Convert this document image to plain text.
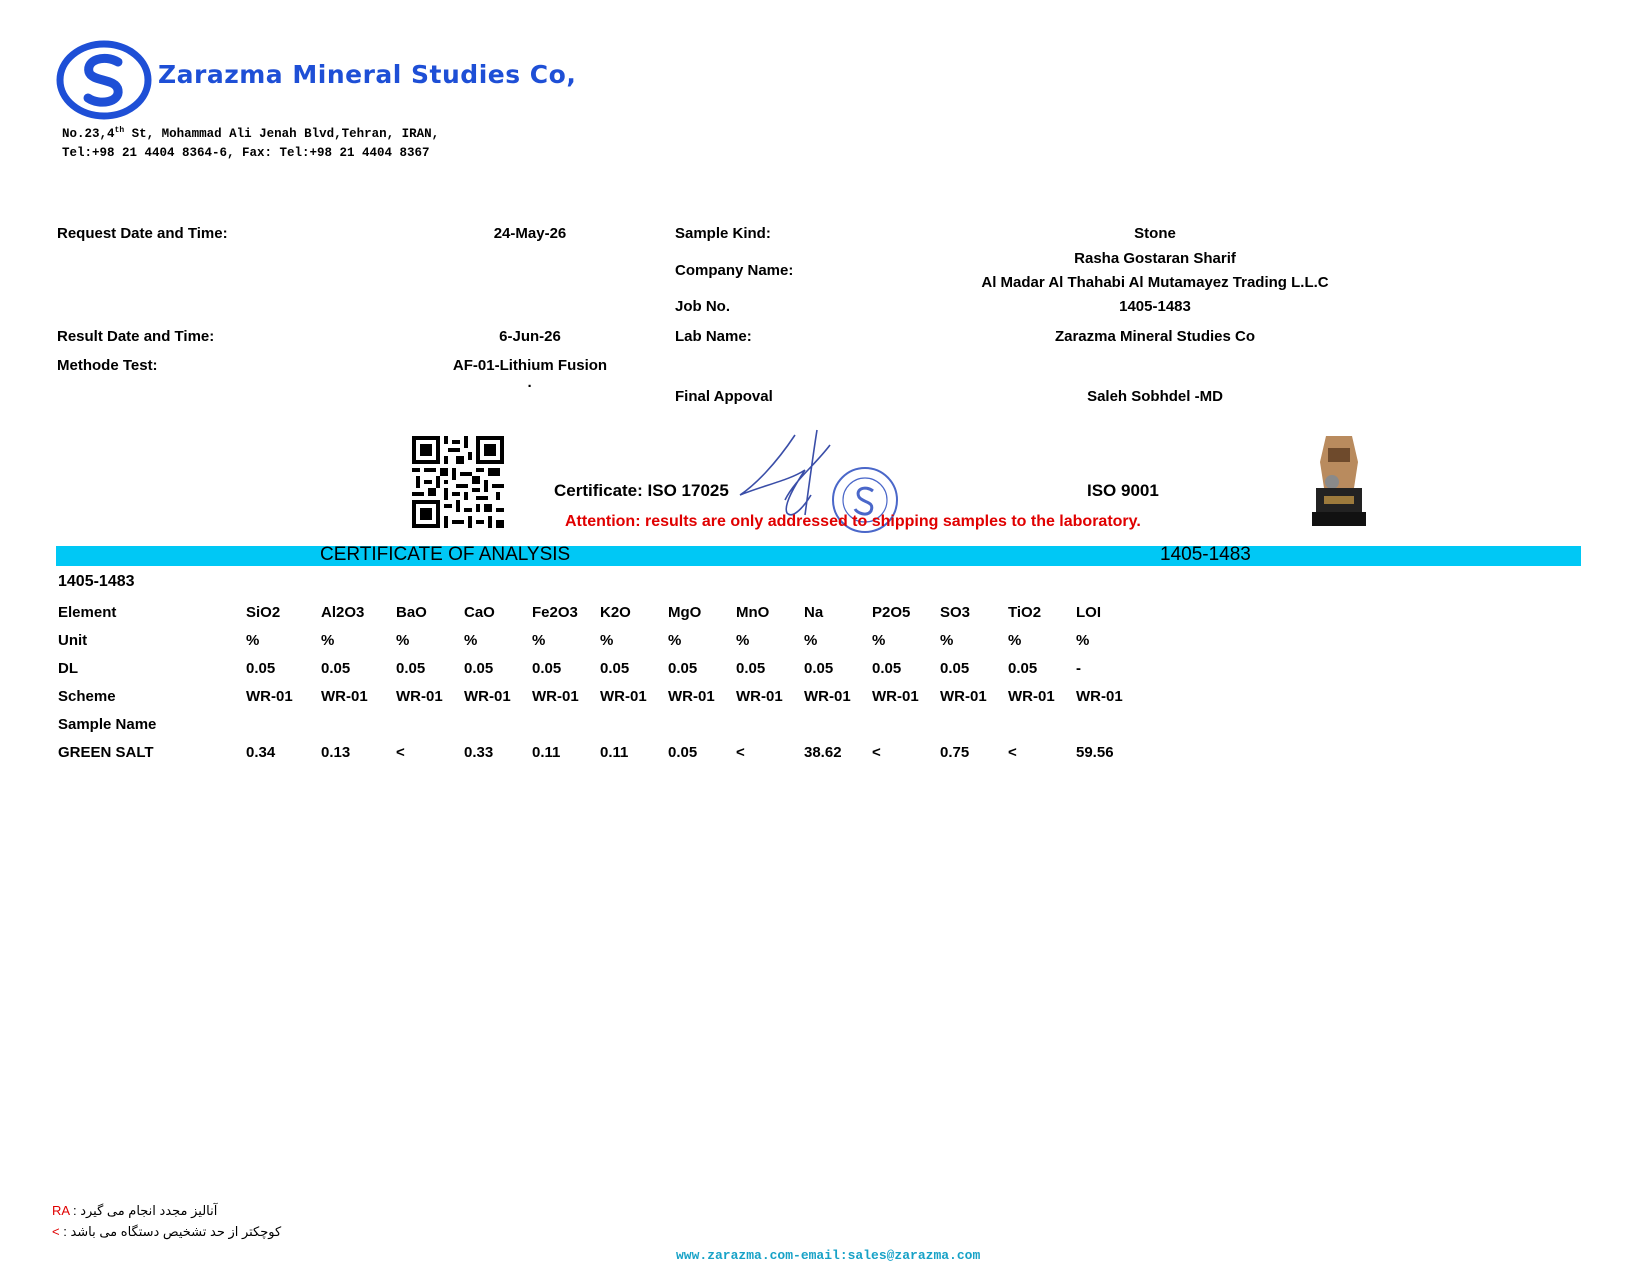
Zarazma Mineral Studies Co,
No.23,4th St, Mohammad Ali Jenah Blvd,Tehran, IRAN,
Tel:+98 21 4404 8364-6, Fax: Tel:+98 21 4404 8367
Request Date and Time:	24-May-26
Result Date and Time:	6-Jun-26
Methode Test:	AF-01-Lithium Fusion
·
Sample Kind:	Stone
Company Name:
Rasha Gostaran Sharif
Al Madar Al Thahabi Al Mutamayez Trading L.L.C
Job No.	1405-1483
Lab Name:	Zarazma Mineral Studies Co
Final Appoval	Saleh Sobhdel -MD
Certificate: ISO 17025	ISO 9001
Attention: results are only addressed to shipping samples to the laboratory.
CERTIFICATE OF ANALYSIS	1405-1483
1405-1483
Element	SiO2	Al2O3	BaO	CaO	Fe2O3	K2O	MgO	MnO	Na	P2O5	SO3	TiO2	LOI
Unit	%	%	%	%	%	%	%	%	%	%	%	%	%
DL	0.05	0.05	0.05	0.05	0.05	0.05	0.05	0.05	0.05	0.05	0.05	0.05	-
Scheme	WR-01	WR-01	WR-01	WR-01	WR-01	WR-01	WR-01	WR-01	WR-01	WR-01	WR-01	WR-01	WR-01
Sample Name													
GREEN SALT	0.34	0.13	<	0.33	0.11	0.11	0.05	<	38.62	<	0.75	<	59.56
RA : آنالیز مجدد انجام می گیرد
< : کوچکتر از حد تشخیص دستگاه می باشد
www.zarazma.com-email:sales@zarazma.com
